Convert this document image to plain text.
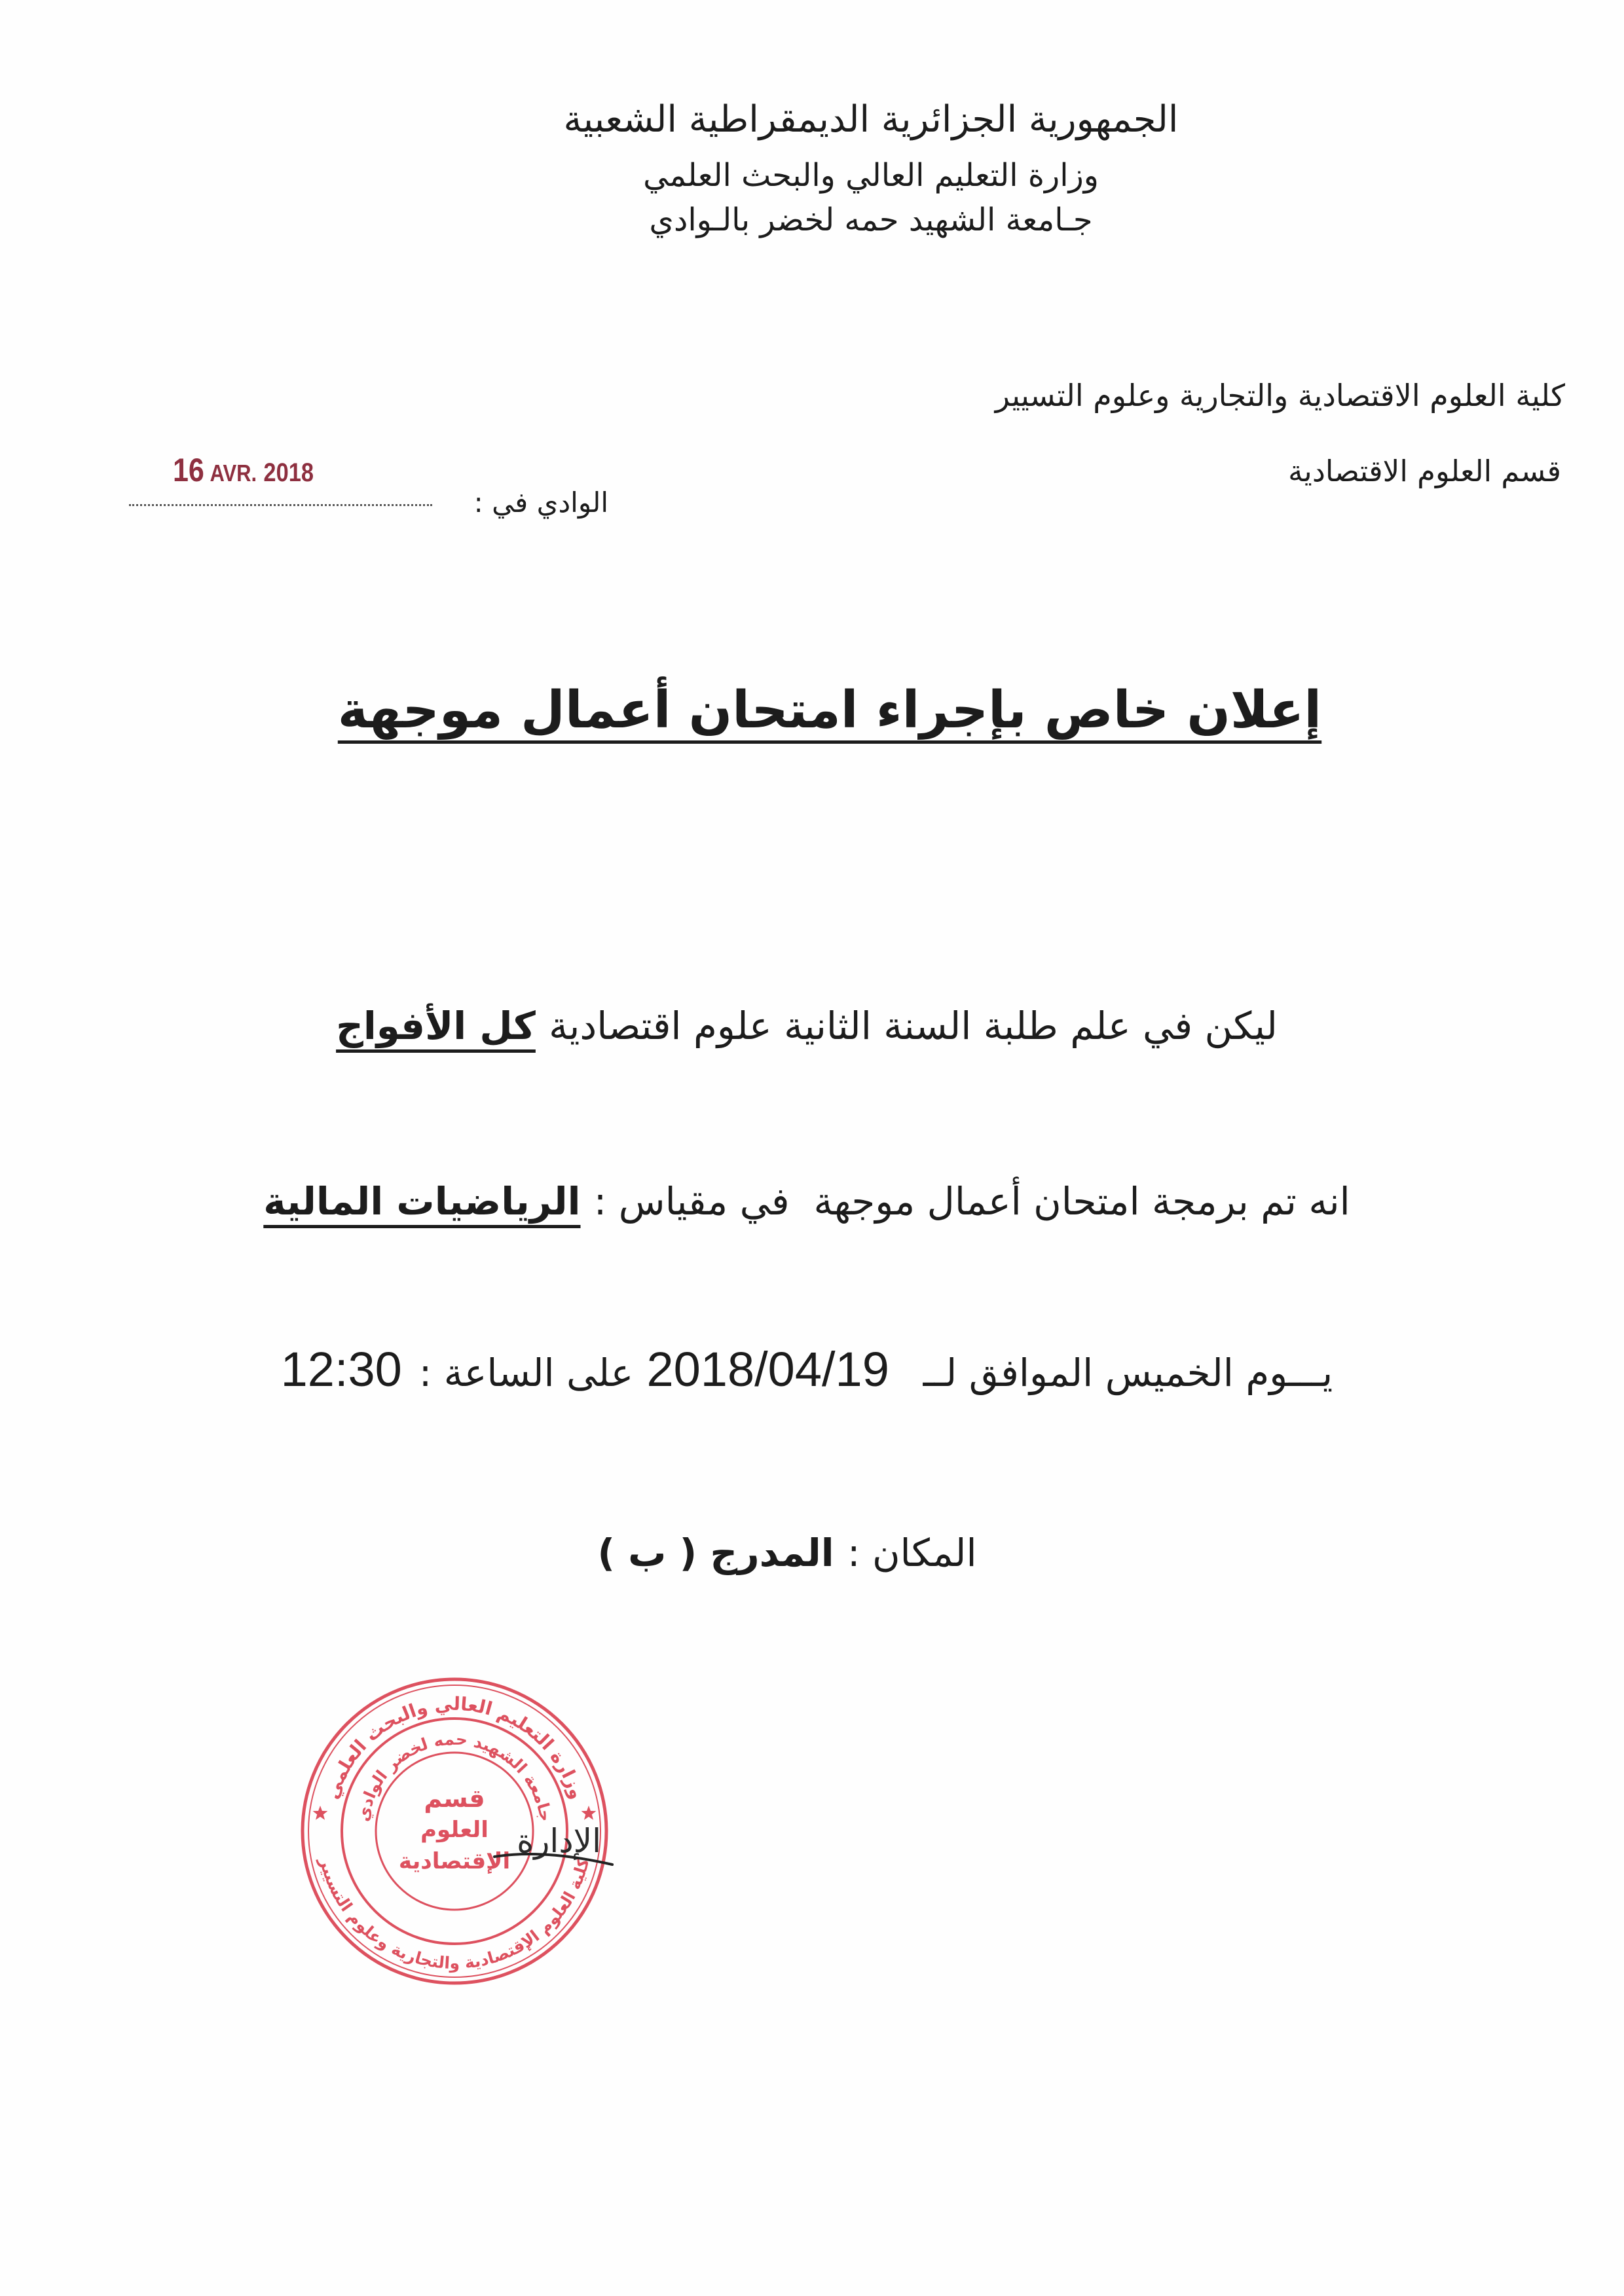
الجمهورية الجزائرية الديمقراطية الشعبية
وزارة التعليم العالي والبحث العلمي
جـامعة الشهيد حمه لخضر بالـوادي
كلية العلوم الاقتصادية والتجارية وعلوم التسيير
قسم العلوم الاقتصادية
الوادي في :
16 AVR. 2018
إعلان خاص بإجراء امتحان أعمال موجهة
ليكن في علم طلبة السنة الثانية علوم اقتصاديةكل الأفواج
انه تم برمجة امتحان أعمال موجهة  في مقياس :الرياضيات المالية
يـــوم الخميس الموافق لــ2018/04/19على الساعة :12:30
المكان :المدرج( ب )
وزارة التعليم العالي والبحث العلمي
كلية العلوم الإقتصادية والتجارية وعلوم التسيير
جامعة الشهيد حمه لخضر الوادي
قسم
العلوم
الإقتصادية
الإدارة
